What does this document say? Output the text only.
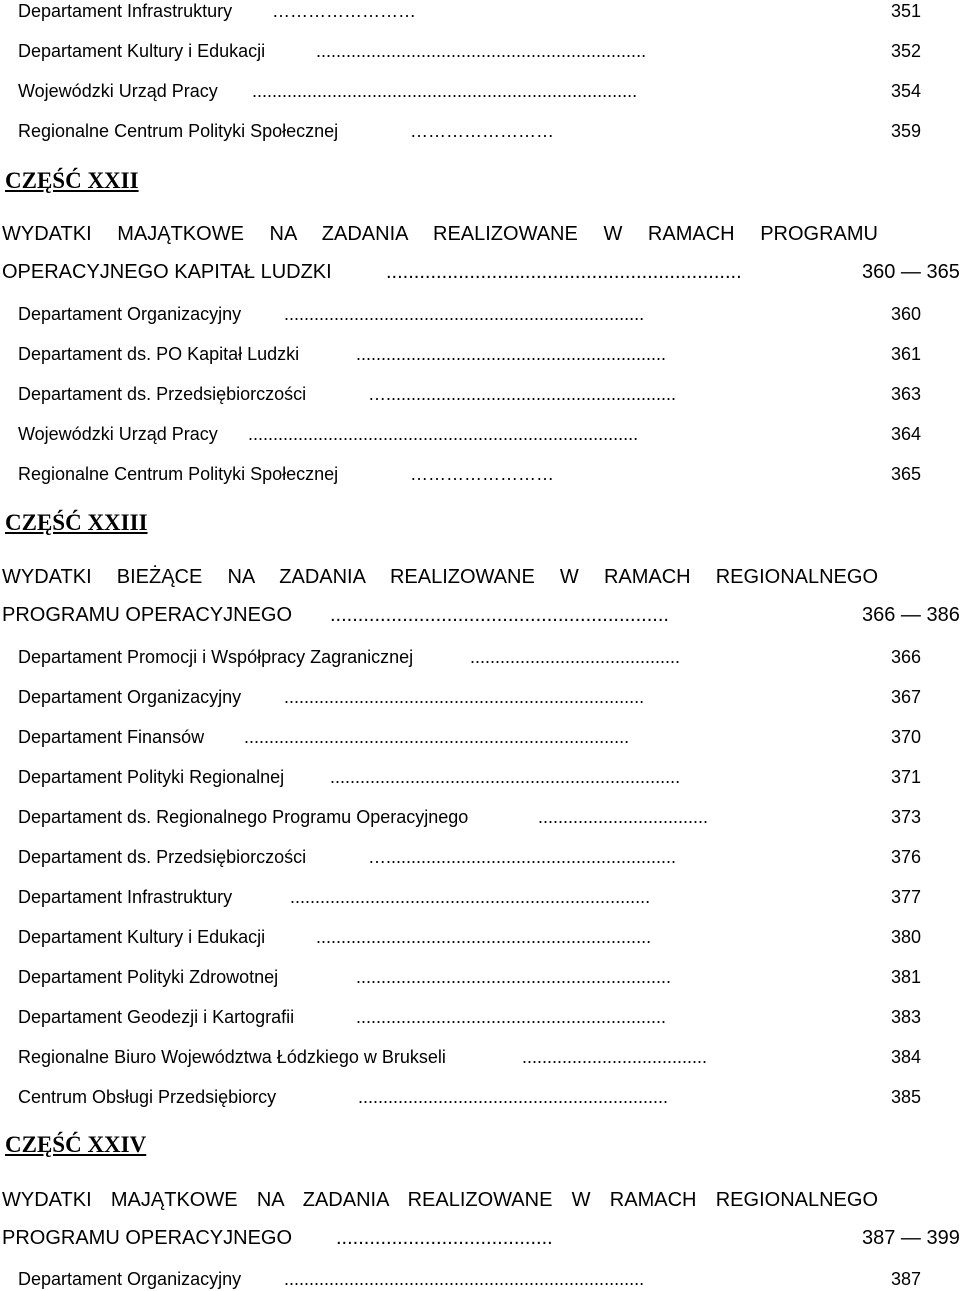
Departament Infrastruktury ……………………	351
Departament Kultury i Edukacji	..................................................................	352
Wojewódzki Urząd Pracy .............................................................................	354
Regionalne Centrum Polityki Społecznej	……………………	359
CZĘŚĆ XXII
WYDATKI MAJĄTKOWE NA ZADANIA REALIZOWANE W RAMACH PROGRAMU
OPERACYJNEGO KAPITAŁ LUDZKI	................................................................	360 — 365
Departament Organizacyjny ........................................................................	360
Departament ds. PO Kapitał Ludzki	..............................................................	361
Departament ds. Przedsiębiorczości	…..........................................................	363
Wojewódzki Urząd Pracy ..............................................................................	364
Regionalne Centrum Polityki Społecznej	……………………	365
CZĘŚĆ XXIII
WYDATKI BIEŻĄCE NA ZADANIA REALIZOWANE W RAMACH REGIONALNEGO
PROGRAMU OPERACYJNEGO .............................................................	366 — 386
Departament Promocji i Współpracy Zagranicznej	..........................................	366
Departament Organizacyjny ........................................................................	367
Departament Finansów .............................................................................	370
Departament Polityki Regionalnej	......................................................................	371
Departament ds. Regionalnego Programu Operacyjnego	..................................	373
Departament ds. Przedsiębiorczości	…..........................................................	376
Departament Infrastruktury	........................................................................	377
Departament Kultury i Edukacji	...................................................................	380
Departament Polityki Zdrowotnej	...............................................................	381
Departament Geodezji i Kartografii	..............................................................	383
Regionalne Biuro Województwa Łódzkiego w Brukseli	.....................................	384
Centrum Obsługi Przedsiębiorcy	..............................................................	385
CZĘŚĆ XXIV
WYDATKI MAJĄTKOWE NA ZADANIA REALIZOWANE W RAMACH REGIONALNEGO
PROGRAMU OPERACYJNEGO .......................................	387 — 399
Departament Organizacyjny ........................................................................	387
